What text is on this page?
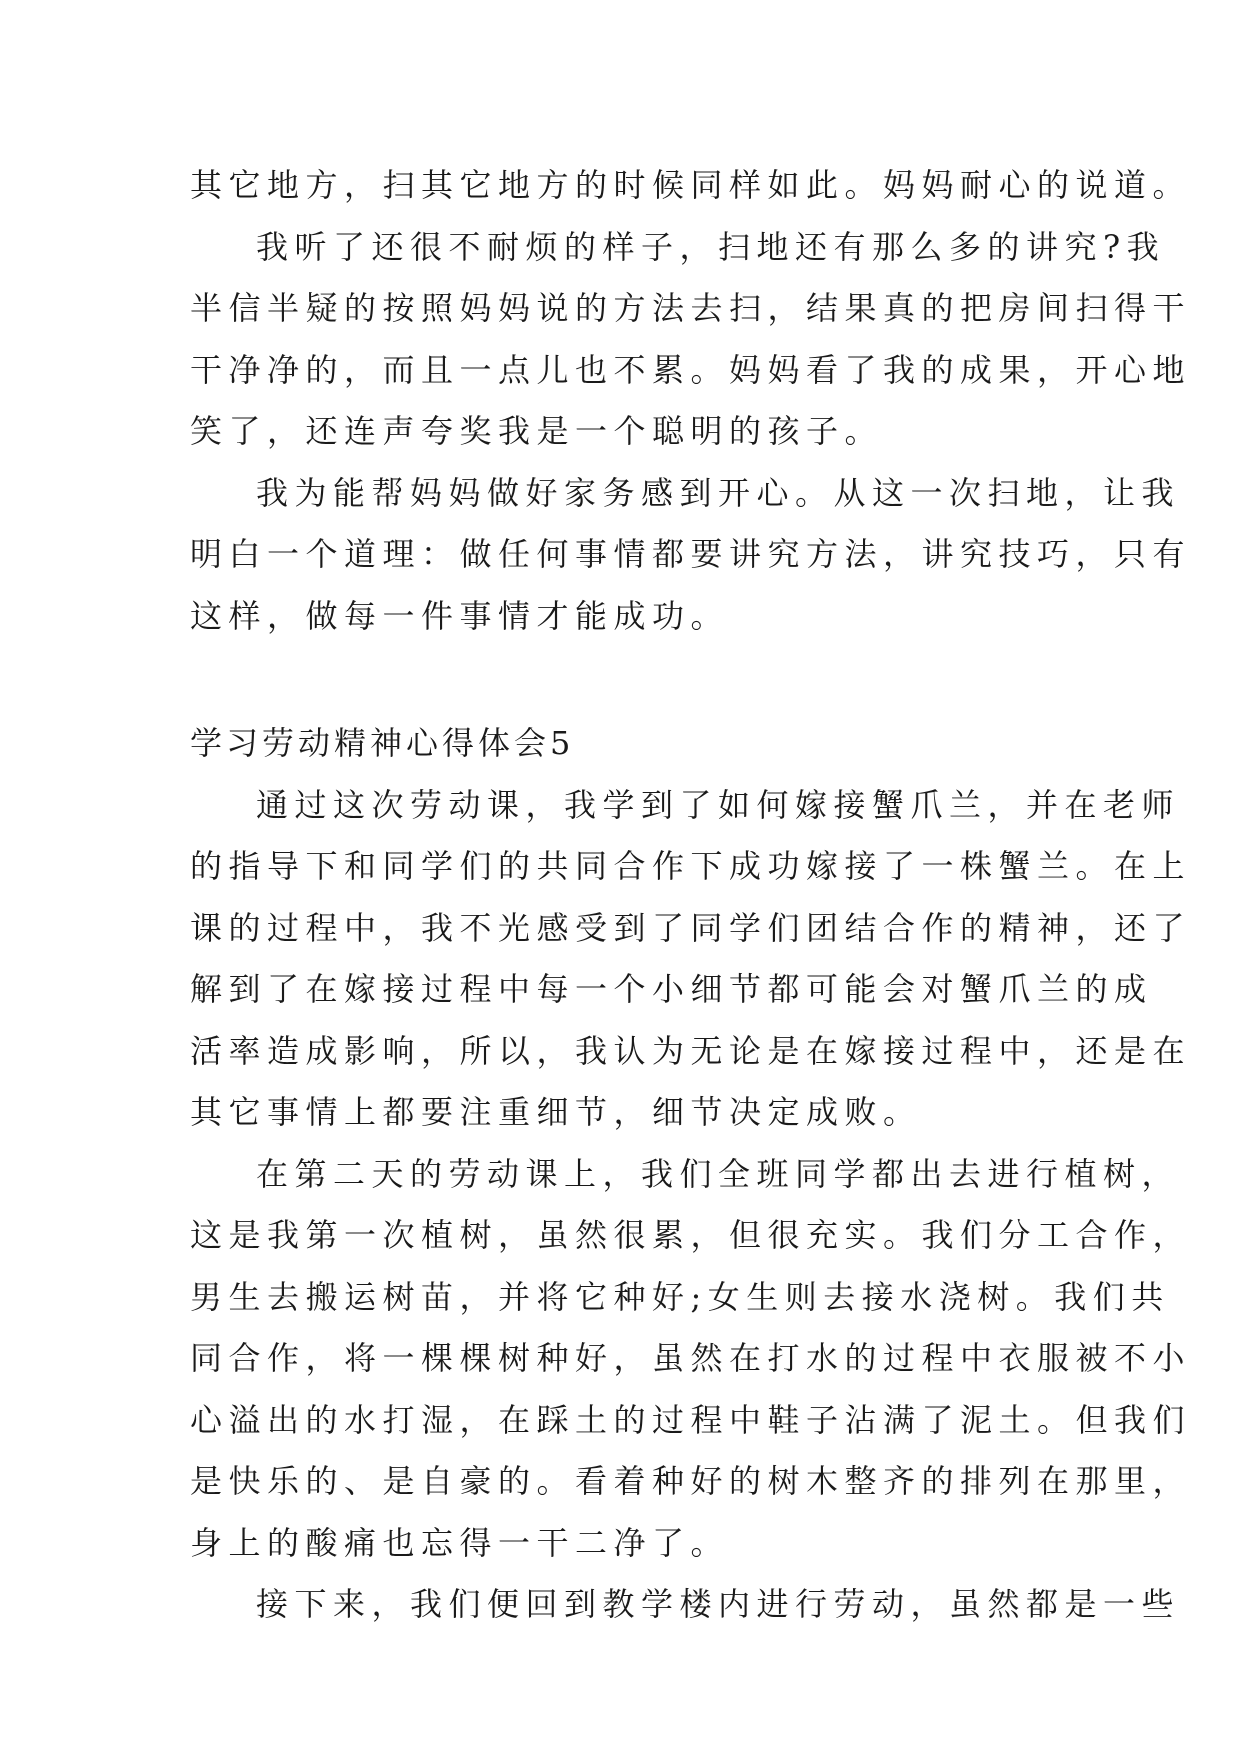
其它地方，扫其它地方的时候同样如此。妈妈耐心的说道。

我听了还很不耐烦的样子，扫地还有那么多的讲究?我
半信半疑的按照妈妈说的方法去扫，结果真的把房间扫得干
干净净的，而且一点儿也不累。妈妈看了我的成果，开心地
笑了，还连声夸奖我是一个聪明的孩子。

我为能帮妈妈做好家务感到开心。从这一次扫地，让我
明白一个道理：做任何事情都要讲究方法，讲究技巧，只有
这样，做每一件事情才能成功。

学习劳动精神心得体会5

通过这次劳动课，我学到了如何嫁接蟹爪兰，并在老师
的指导下和同学们的共同合作下成功嫁接了一株蟹兰。在上
课的过程中，我不光感受到了同学们团结合作的精神，还了
解到了在嫁接过程中每一个小细节都可能会对蟹爪兰的成
活率造成影响，所以，我认为无论是在嫁接过程中，还是在
其它事情上都要注重细节，细节决定成败。

在第二天的劳动课上，我们全班同学都出去进行植树，
这是我第一次植树，虽然很累，但很充实。我们分工合作，
男生去搬运树苗，并将它种好;女生则去接水浇树。我们共
同合作，将一棵棵树种好，虽然在打水的过程中衣服被不小
心溢出的水打湿，在踩土的过程中鞋子沾满了泥土。但我们
是快乐的、是自豪的。看着种好的树木整齐的排列在那里，
身上的酸痛也忘得一干二净了。

接下来，我们便回到教学楼内进行劳动，虽然都是一些
